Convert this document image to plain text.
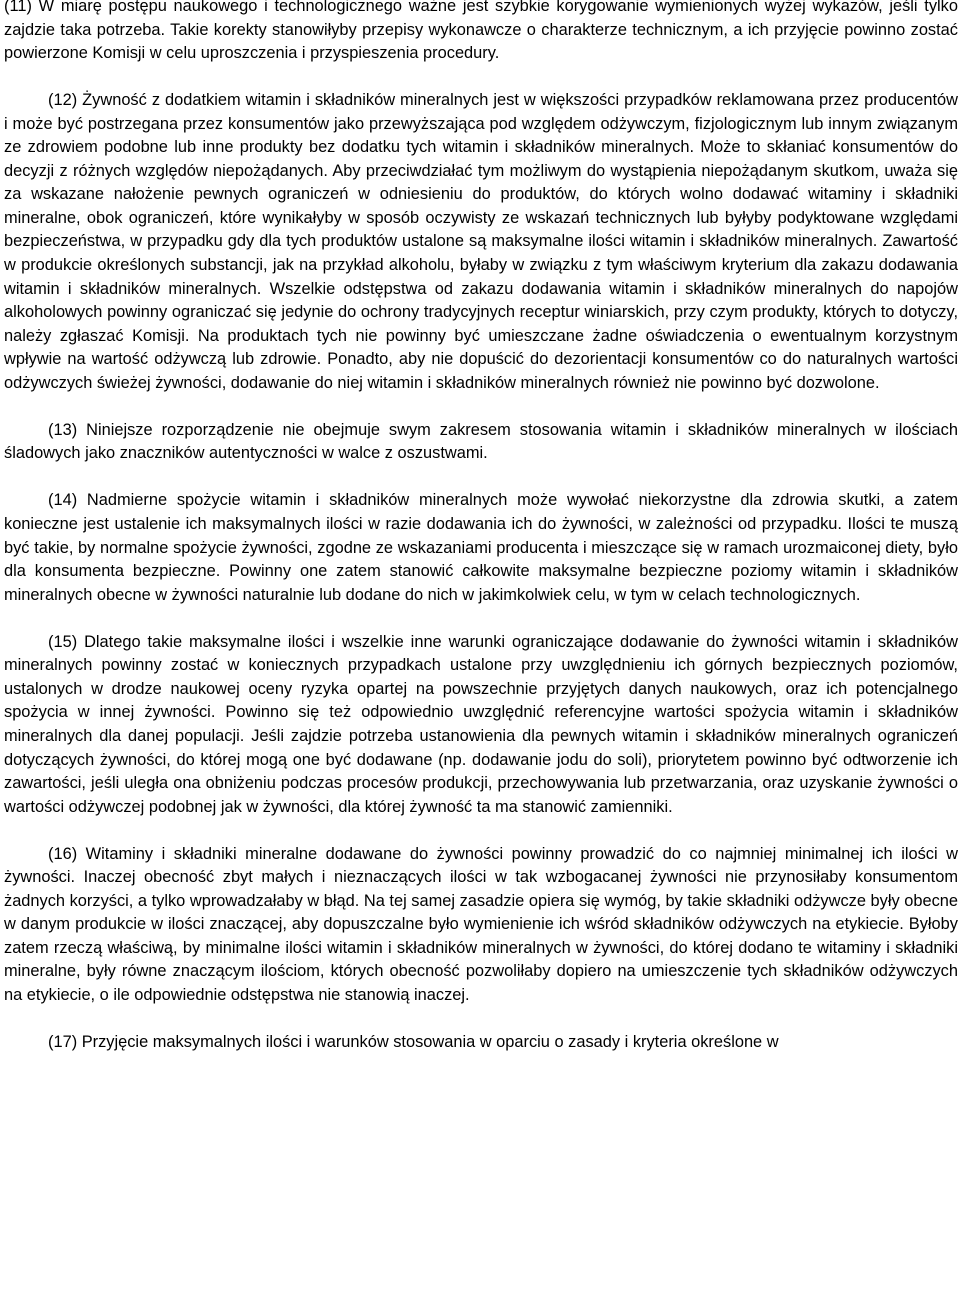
(11) W miarę postępu naukowego i technologicznego ważne jest szybkie korygowanie wymienionych wyżej wykazów, jeśli tylko zajdzie taka potrzeba. Takie korekty stanowiłyby przepisy wykonawcze o charakterze technicznym, a ich przyjęcie powinno zostać powierzone Komisji w celu uproszczenia i przyspieszenia procedury.

(12) Żywność z dodatkiem witamin i składników mineralnych jest w większości przypadków reklamowana przez producentów i może być postrzegana przez konsumentów jako przewyższająca pod względem odżywczym, fizjologicznym lub innym związanym ze zdrowiem podobne lub inne produkty bez dodatku tych witamin i składników mineralnych. Może to skłaniać konsumentów do decyzji z różnych względów niepożądanych. Aby przeciwdziałać tym możliwym do wystąpienia niepożądanym skutkom, uważa się za wskazane nałożenie pewnych ograniczeń w odniesieniu do produktów, do których wolno dodawać witaminy i składniki mineralne, obok ograniczeń, które wynikałyby w sposób oczywisty ze wskazań technicznych lub byłyby podyktowane względami bezpieczeństwa, w przypadku gdy dla tych produktów ustalone są maksymalne ilości witamin i składników mineralnych. Zawartość w produkcie określonych substancji, jak na przykład alkoholu, byłaby w związku z tym właściwym kryterium dla zakazu dodawania witamin i składników mineralnych. Wszelkie odstępstwa od zakazu dodawania witamin i składników mineralnych do napojów alkoholowych powinny ograniczać się jedynie do ochrony tradycyjnych receptur winiarskich, przy czym produkty, których to dotyczy, należy zgłaszać Komisji. Na produktach tych nie powinny być umieszczane żadne oświadczenia o ewentualnym korzystnym wpływie na wartość odżywczą lub zdrowie. Ponadto, aby nie dopuścić do dezorientacji konsumentów co do naturalnych wartości odżywczych świeżej żywności, dodawanie do niej witamin i składników mineralnych również nie powinno być dozwolone.

(13) Niniejsze rozporządzenie nie obejmuje swym zakresem stosowania witamin i składników mineralnych w ilościach śladowych jako znaczników autentyczności w walce z oszustwami.

(14) Nadmierne spożycie witamin i składników mineralnych może wywołać niekorzystne dla zdrowia skutki, a zatem konieczne jest ustalenie ich maksymalnych ilości w razie dodawania ich do żywności, w zależności od przypadku. Ilości te muszą być takie, by normalne spożycie żywności, zgodne ze wskazaniami producenta i mieszczące się w ramach urozmaiconej diety, było dla konsumenta bezpieczne. Powinny one zatem stanowić całkowite maksymalne bezpieczne poziomy witamin i składników mineralnych obecne w żywności naturalnie lub dodane do nich w jakimkolwiek celu, w tym w celach technologicznych.

(15) Dlatego takie maksymalne ilości i wszelkie inne warunki ograniczające dodawanie do żywności witamin i składników mineralnych powinny zostać w koniecznych przypadkach ustalone przy uwzględnieniu ich górnych bezpiecznych poziomów, ustalonych w drodze naukowej oceny ryzyka opartej na powszechnie przyjętych danych naukowych, oraz ich potencjalnego spożycia w innej żywności. Powinno się też odpowiednio uwzględnić referencyjne wartości spożycia witamin i składników mineralnych dla danej populacji. Jeśli zajdzie potrzeba ustanowienia dla pewnych witamin i składników mineralnych ograniczeń dotyczących żywności, do której mogą one być dodawane (np. dodawanie jodu do soli), priorytetem powinno być odtworzenie ich zawartości, jeśli uległa ona obniżeniu podczas procesów produkcji, przechowywania lub przetwarzania, oraz uzyskanie żywności o wartości odżywczej podobnej jak w żywności, dla której żywność ta ma stanowić zamienniki.

(16) Witaminy i składniki mineralne dodawane do żywności powinny prowadzić do co najmniej minimalnej ich ilości w żywności. Inaczej obecność zbyt małych i nieznaczących ilości w tak wzbogacanej żywności nie przynosiłaby konsumentom żadnych korzyści, a tylko wprowadzałaby w błąd. Na tej samej zasadzie opiera się wymóg, by takie składniki odżywcze były obecne w danym produkcie w ilości znaczącej, aby dopuszczalne było wymienienie ich wśród składników odżywczych na etykiecie. Byłoby zatem rzeczą właściwą, by minimalne ilości witamin i składników mineralnych w żywności, do której dodano te witaminy i składniki mineralne, były równe znaczącym ilościom, których obecność pozwoliłaby dopiero na umieszczenie tych składników odżywczych na etykiecie, o ile odpowiednie odstępstwa nie stanowią inaczej.

(17) Przyjęcie maksymalnych ilości i warunków stosowania w oparciu o zasady i kryteria określone w
